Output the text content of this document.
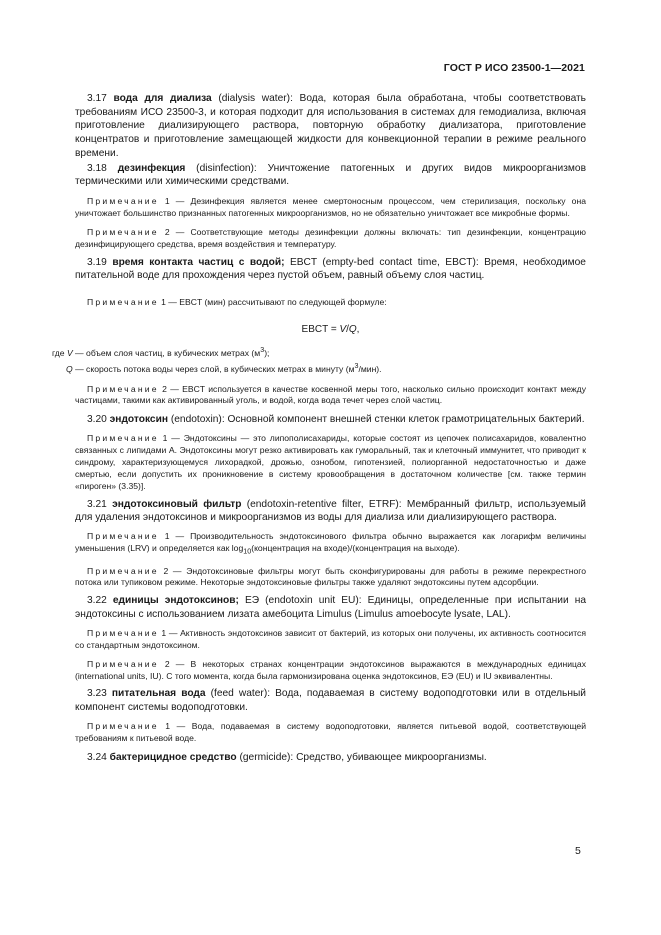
ГОСТ Р ИСО 23500-1—2021

3.17 вода для диализа (dialysis water): Вода, которая была обработана, чтобы соответствовать требованиям ИСО 23500-3, и которая подходит для использования в системах для гемодиализа, включая приготовление диализирующего раствора, повторную обработку диализатора, приготовление концентратов и приготовление замещающей жидкости для конвекционной терапии в режиме реального времени.

3.18 дезинфекция (disinfection): Уничтожение патогенных и других видов микроорганизмов термическими или химическими средствами.

Примечание 1 — Дезинфекция является менее смертоносным процессом, чем стерилизация, поскольку она уничтожает большинство признанных патогенных микроорганизмов, но не обязательно уничтожает все микробные формы.

Примечание 2 — Соответствующие методы дезинфекции должны включать: тип дезинфекции, концентрацию дезинфицирующего средства, время воздействия и температуру.

3.19 время контакта частиц с водой; EBCT (empty-bed contact time, EBCT): Время, необходимое питательной воде для прохождения через пустой объем, равный объему слоя частиц.

Примечание 1 — EBCT (мин) рассчитывают по следующей формуле:

EBCT = V/Q,

где V — объем слоя частиц, в кубических метрах $(м^3)$;
Q — скорость потока воды через слой, в кубических метрах в минуту $(м^3/мин)$.

Примечание 2 — EBCT используется в качестве косвенной меры того, насколько сильно происходит контакт между частицами, такими как активированный уголь, и водой, когда вода течет через слой частиц.

3.20 эндотоксин (endotoxin): Основной компонент внешней стенки клеток грамотрицательных бактерий.

Примечание 1 — Эндотоксины — это липополисахариды, которые состоят из цепочек полисахаридов, ковалентно связанных с липидами А. Эндотоксины могут резко активировать как гуморальный, так и клеточный иммунитет, что приводит к синдрому, характеризующемуся лихорадкой, дрожью, ознобом, гипотензией, полиорганной недостаточностью и даже смертью, если допустить их проникновение в систему кровообращения в достаточном количестве [см. также термин «пироген» (3.35)].

3.21 эндотоксиновый фильтр (endotoxin-retentive filter, ETRF): Мембранный фильтр, используемый для удаления эндотоксинов и микроорганизмов из воды для диализа или диализирующего раствора.

Примечание 1 — Производительность эндотоксинового фильтра обычно выражается как логарифм величины уменьшения (LRV) и определяется как $\log_{10}(концентрация$ на входе)/(концентрация на выходе).

Примечание 2 — Эндотоксиновые фильтры могут быть сконфигурированы для работы в режиме перекрестного потока или тупиковом режиме. Некоторые эндотоксиновые фильтры также удаляют эндотоксины путем адсорбции.

3.22 единицы эндотоксинов; ЕЭ (endotoxin unit EU): Единицы, определенные при испытании на эндотоксины с использованием лизата амебоцита Limulus (Limulus amoebocyte lysate, LAL).

Примечание 1 — Активность эндотоксинов зависит от бактерий, из которых они получены, их активность соотносится со стандартным эндотоксином.

Примечание 2 — В некоторых странах концентрации эндотоксинов выражаются в международных единицах (international units, IU). С того момента, когда была гармонизирована оценка эндотоксинов, ЕЭ (EU) и IU эквивалентны.

3.23 питательная вода (feed water): Вода, подаваемая в систему водоподготовки или в отдельный компонент системы водоподготовки.

Примечание 1 — Вода, подаваемая в систему водоподготовки, является питьевой водой, соответствующей требованиям к питьевой воде.

3.24 бактерицидное средство (germicide): Средство, убивающее микроорганизмы.

5
